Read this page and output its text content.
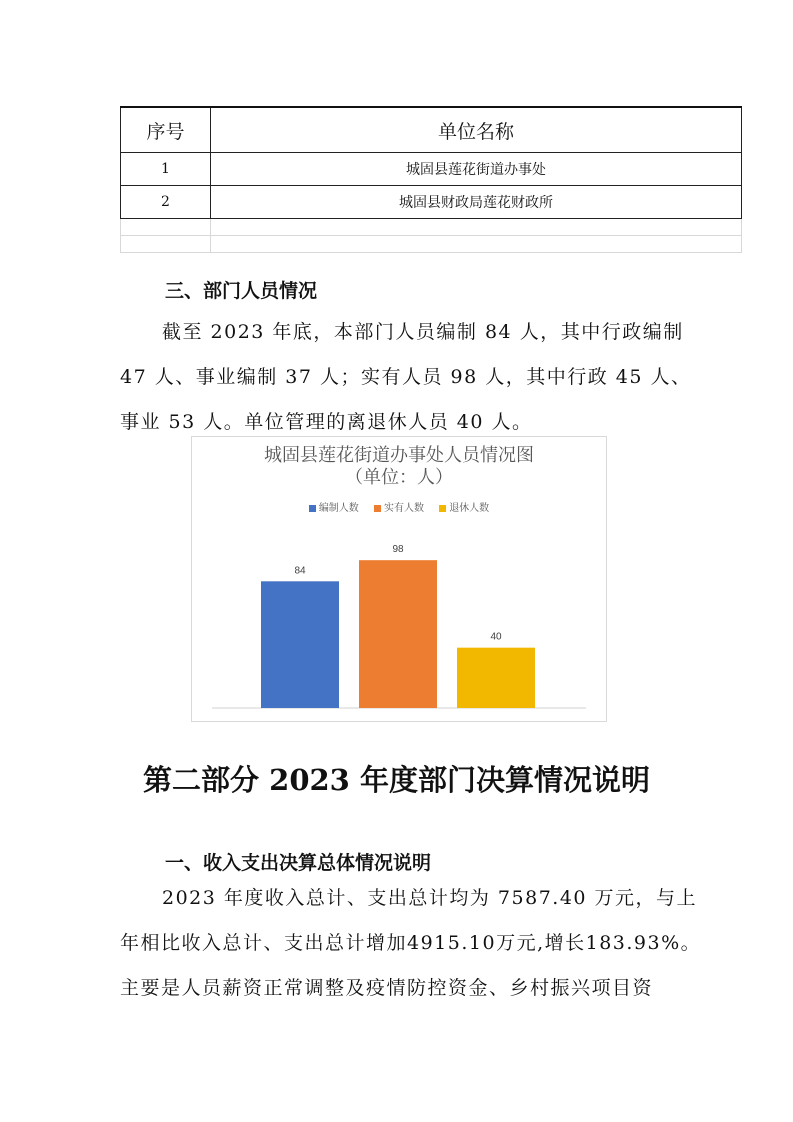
序号	单位名称
1	城固县莲花街道办事处
2	城固县财政局莲花财政所

三、部门人员情况
截至 2023 年底，本部门人员编制 84 人，其中行政编制
47 人、事业编制 37 人；实有人员 98 人，其中行政 45 人、
事业 53 人。单位管理的离退休人员 40 人。
城固县莲花街道办事处人员情况图
（单位：人）
编制人数	实有人数	退休人数
84
98
40
第二部分 2023 年度部门决算情况说明
一、收入支出决算总体情况说明
2023 年度收入总计、支出总计均为 7587.40 万元，与上
年相比收入总计、支出总计增加4915.10万元,增长183.93%。
主要是人员薪资正常调整及疫情防控资金、乡村振兴项目资
